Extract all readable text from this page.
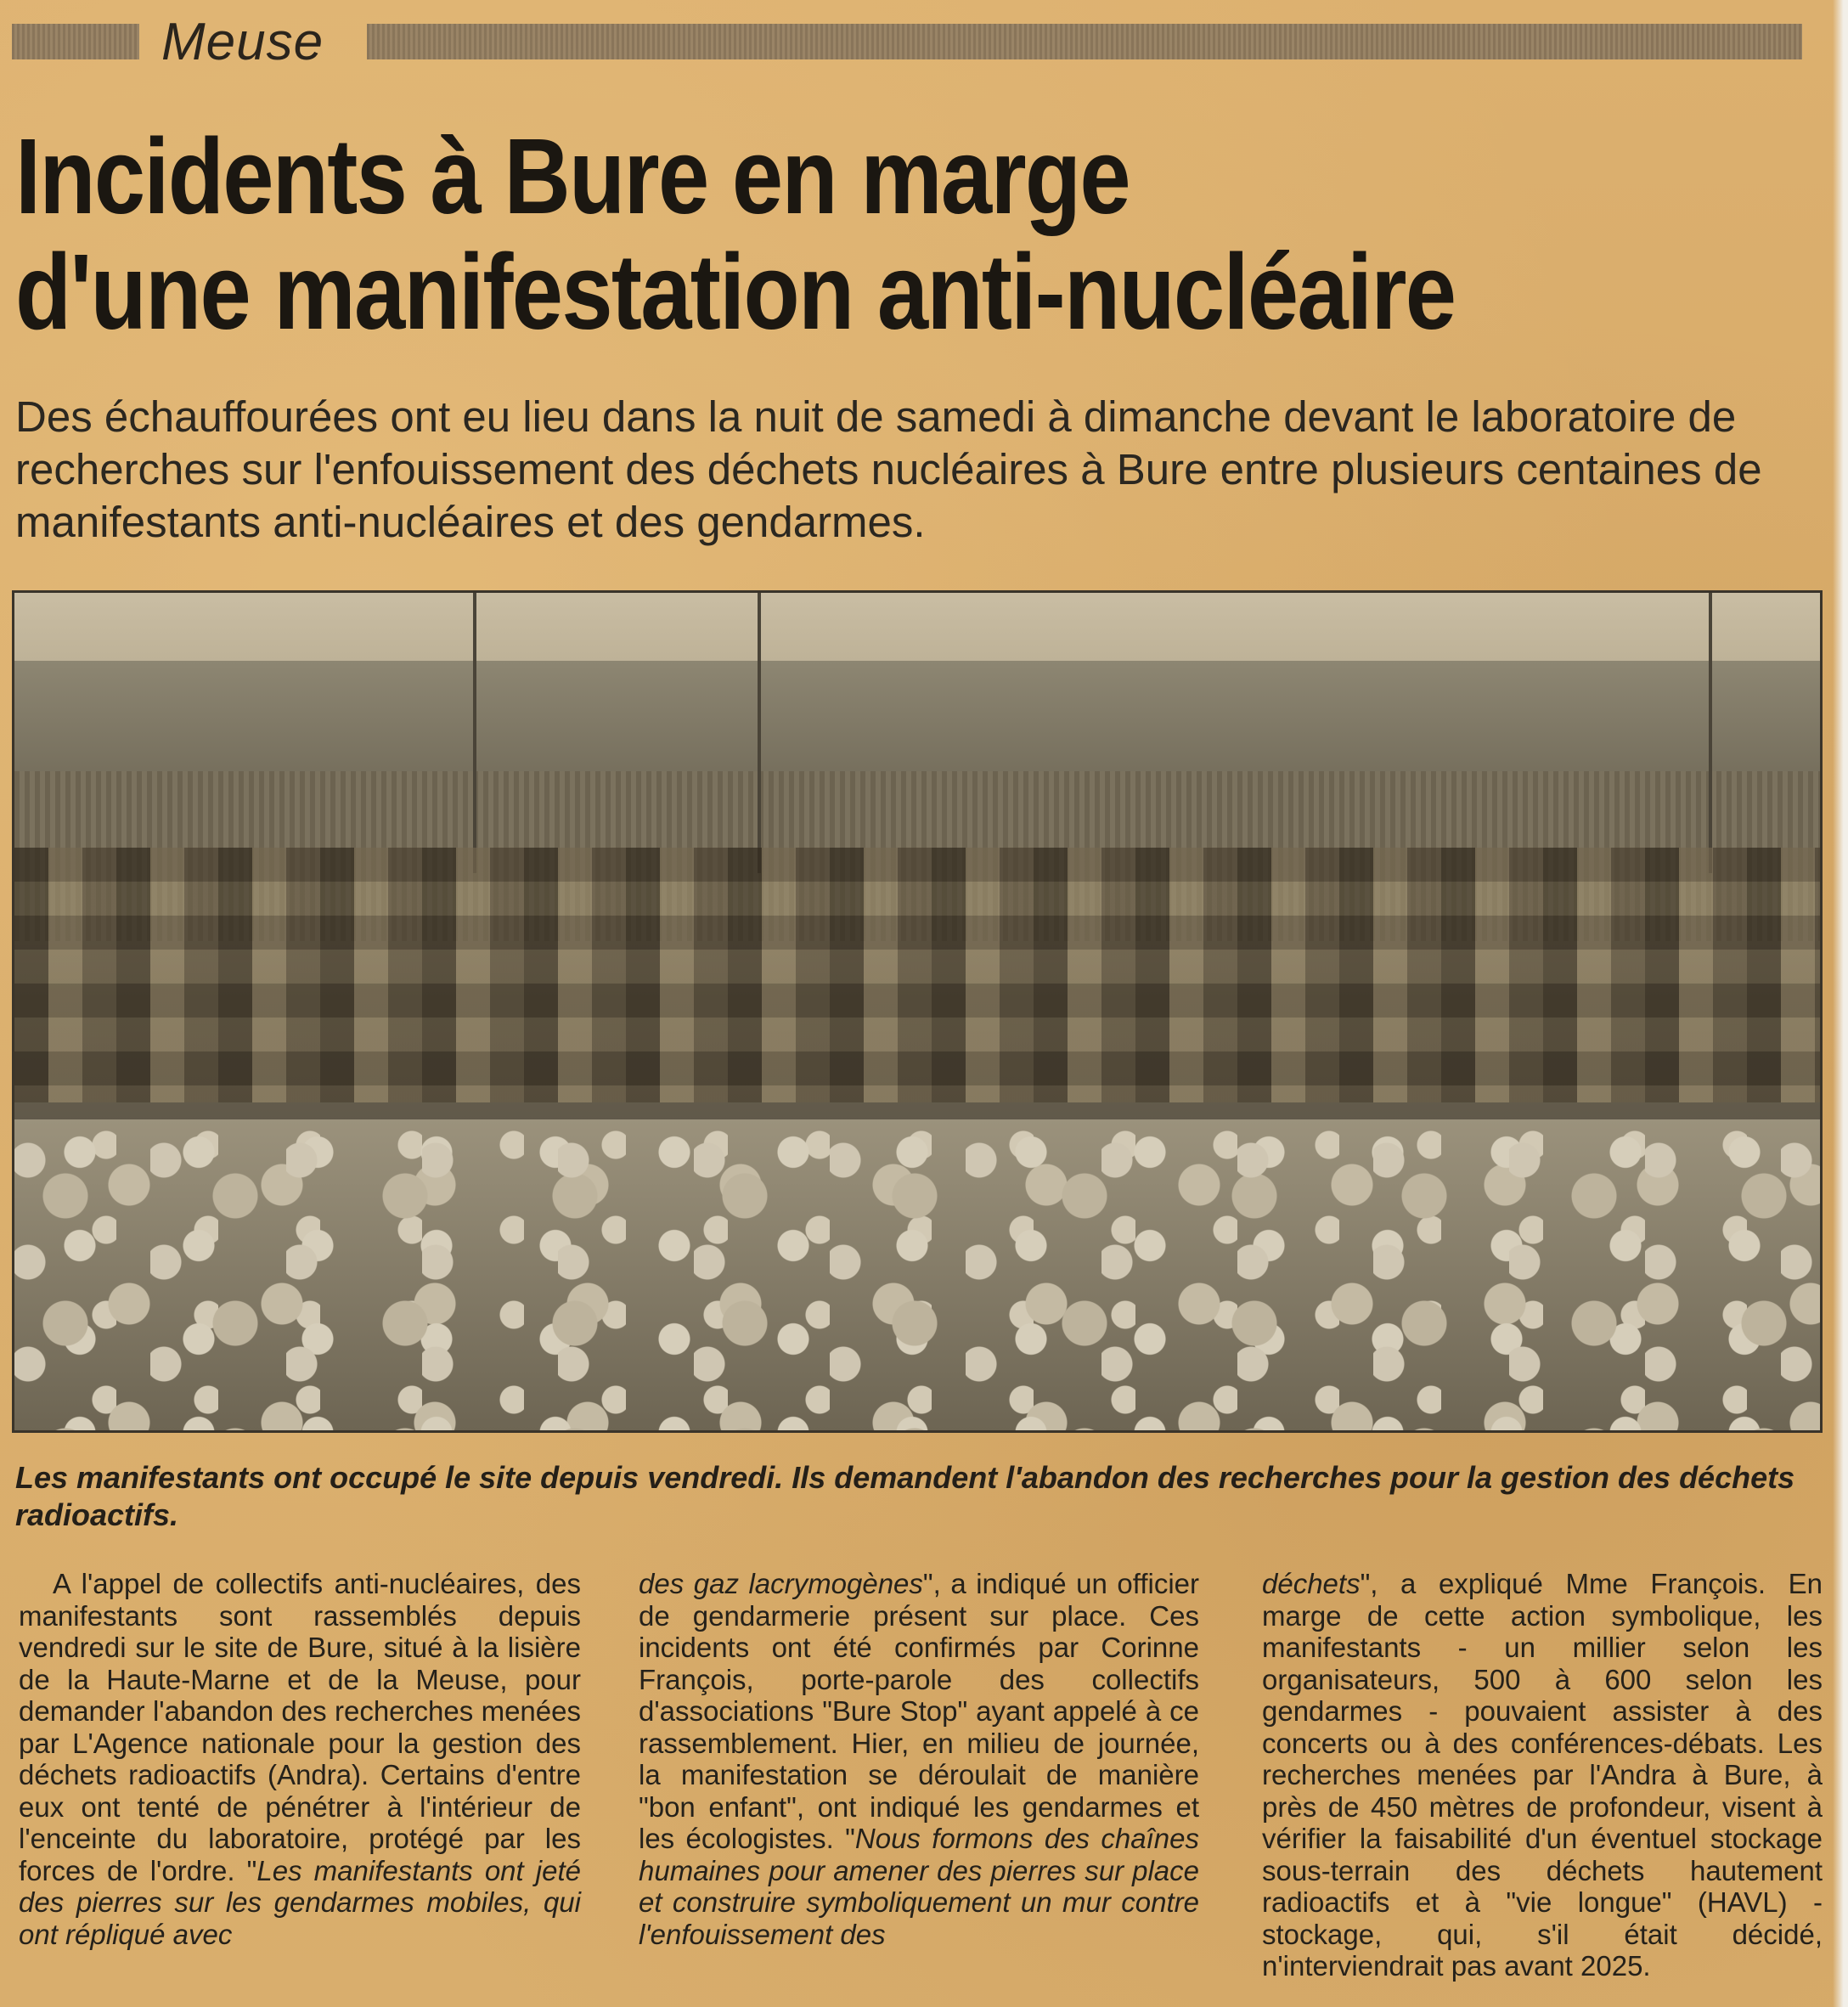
Meuse
Incidents à Bure en marge
d'une manifestation anti-nucléaire

Des échauffourées ont eu lieu dans la nuit de samedi à dimanche devant le laboratoire de recherches sur l'enfouissement des déchets nucléaires à Bure entre plusieurs centaines de manifestants anti-nucléaires et des gendarmes.

Les manifestants ont occupé le site depuis vendredi. Ils demandent l'abandon des recherches pour la gestion des déchets radioactifs.

A l'appel de collectifs anti-nucléaires, des manifestants sont rassemblés depuis vendredi sur le site de Bure, situé à la lisière de la Haute-Marne et de la Meuse, pour demander l'abandon des recherches menées par L'Agence nationale pour la gestion des déchets radioactifs (Andra). Certains d'entre eux ont tenté de pénétrer à l'intérieur de l'enceinte du laboratoire, protégé par les forces de l'ordre. "Les manifestants ont jeté des pierres sur les gendarmes mobiles, qui ont répliqué avec

des gaz lacrymogènes", a indiqué un officier de gendarmerie présent sur place. Ces incidents ont été confirmés par Corinne François, porte-parole des collectifs d'associations "Bure Stop" ayant appelé à ce rassemblement. Hier, en milieu de journée, la manifestation se déroulait de manière "bon enfant", ont indiqué les gendarmes et les écologistes. "Nous formons des chaînes humaines pour amener des pierres sur place et construire symboliquement un mur contre l'enfouissement des

déchets", a expliqué Mme François. En marge de cette action symbolique, les manifestants - un millier selon les organisateurs, 500 à 600 selon les gendarmes - pouvaient assister à des concerts ou à des conférences-débats. Les recherches menées par l'Andra à Bure, à près de 450 mètres de profondeur, visent à vérifier la faisabilité d'un éventuel stockage sous-terrain des déchets hautement radioactifs et à "vie longue" (HAVL) - stockage, qui, s'il était décidé, n'interviendrait pas avant 2025.
